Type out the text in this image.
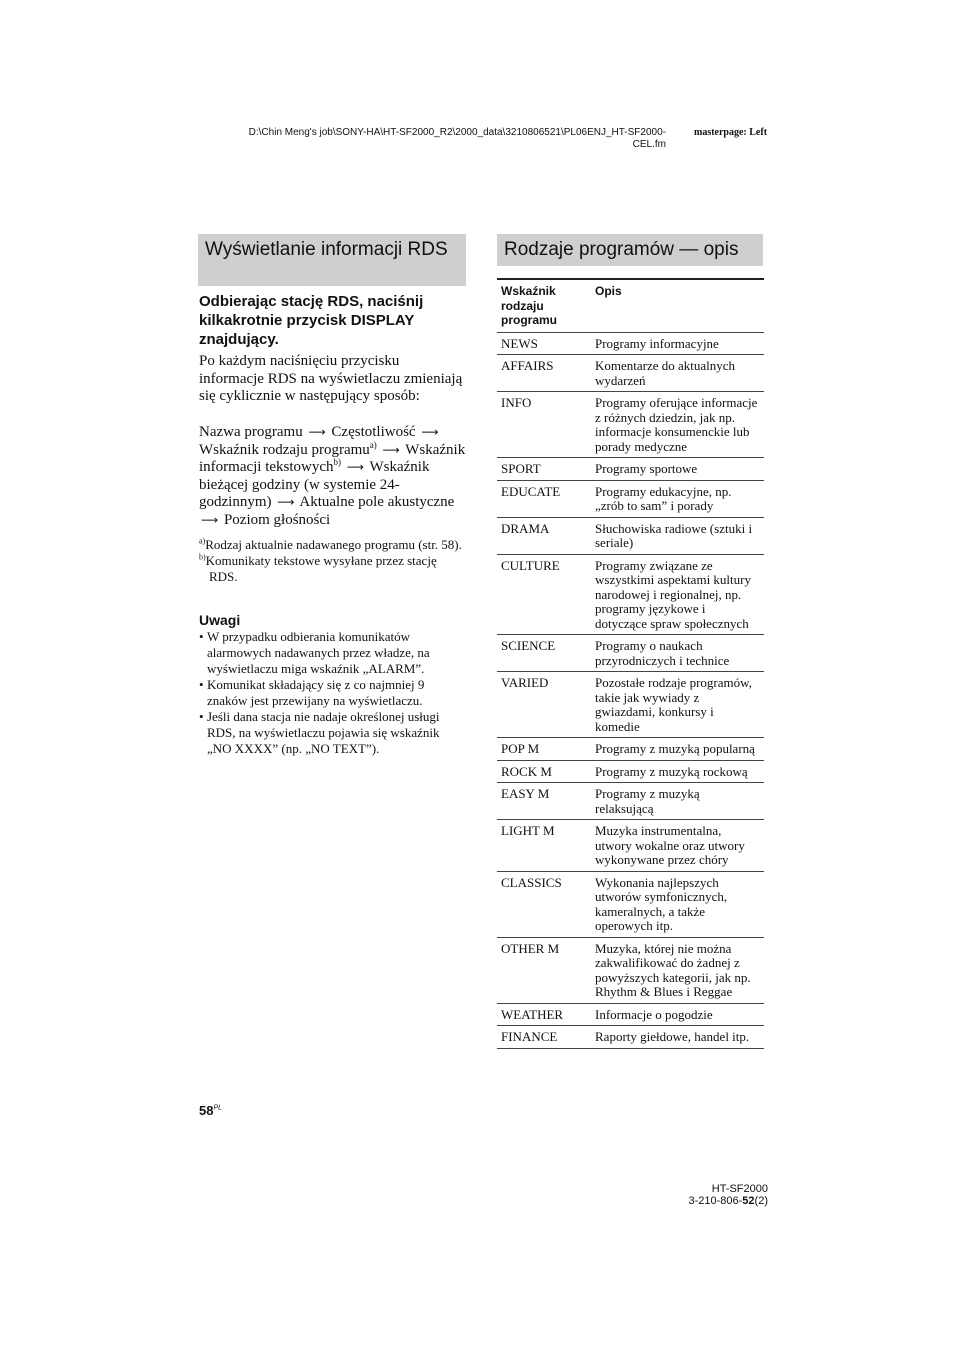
D:\Chin Meng's job\SONY-HA\HT-SF2000_R2\2000_data\3210806521\PL06ENJ_HT-SF2000-
CEL.fm
masterpage: Left
Wyświetlanie informacji RDS
Odbierając stację RDS, naciśnij kilkakrotnie przycisk DISPLAY znajdujący.
Po każdym naciśnięciu przycisku informacje RDS na wyświetlaczu zmieniają się cyklicznie w następujący sposób:
Nazwa programu ⟶ Częstotliwość ⟶ Wskaźnik rodzaju programu$^{a)}$ ⟶ Wskaźnik informacji tekstowych$^{b)}$ ⟶ Wskaźnik bieżącej godziny (w systemie 24-godzinnym) ⟶ Aktualne pole akustyczne ⟶ Poziom głośności
$^{a)}$Rodzaj aktualnie nadawanego programu (str. 58).
$^{b)}$Komunikaty tekstowe wysyłane przez stację RDS.
Uwagi
• W przypadku odbierania komunikatów alarmowych nadawanych przez władze, na wyświetlaczu miga wskaźnik „ALARM”.
• Komunikat składający się z co najmniej 9 znaków jest przewijany na wyświetlaczu.
• Jeśli dana stacja nie nadaje określonej usługi RDS, na wyświetlaczu pojawia się wskaźnik „NO XXXX” (np. „NO TEXT”).
Rodzaje programów — opis
Wskaźnik rodzaju programu	Opis
NEWS	Programy informacyjne
AFFAIRS	Komentarze do aktualnych wydarzeń
INFO	Programy oferujące informacje z różnych dziedzin, jak np. informacje konsumenckie lub porady medyczne
SPORT	Programy sportowe
EDUCATE	Programy edukacyjne, np. „zrób to sam” i porady
DRAMA	Słuchowiska radiowe (sztuki i seriale)
CULTURE	Programy związane ze wszystkimi aspektami kultury narodowej i regionalnej, np. programy językowe i dotyczące spraw społecznych
SCIENCE	Programy o naukach przyrodniczych i technice
VARIED	Pozostałe rodzaje programów, takie jak wywiady z gwiazdami, konkursy i komedie
POP M	Programy z muzyką popularną
ROCK M	Programy z muzyką rockową
EASY M	Programy z muzyką relaksującą
LIGHT M	Muzyka instrumentalna, utwory wokalne oraz utwory wykonywane przez chóry
CLASSICS	Wykonania najlepszych utworów symfonicznych, kameralnych, a także operowych itp.
OTHER M	Muzyka, której nie można zakwalifikować do żadnej z powyższych kategorii, jak np. Rhythm & Blues i Reggae
WEATHER	Informacje o pogodzie
FINANCE	Raporty giełdowe, handel itp.
$58^{PL}$
HT-SF2000
3-210-806-52(2)
